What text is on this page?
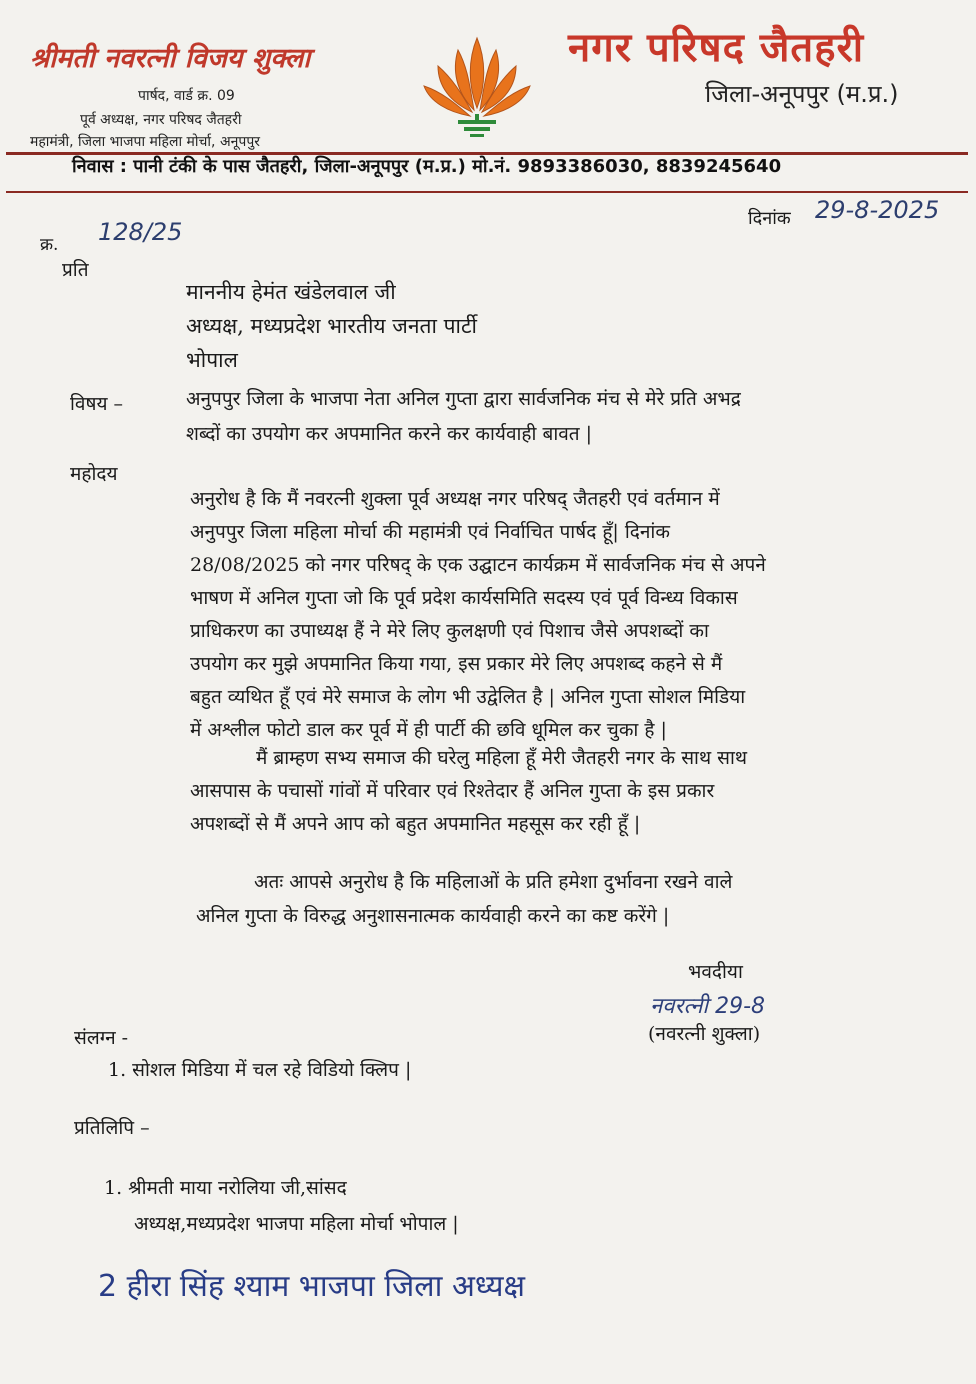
श्रीमती नवरत्नी विजय शुक्ला
पार्षद, वार्ड क्र. 09
पूर्व अध्यक्ष, नगर परिषद जैतहरी
महामंत्री, जिला भाजपा महिला मोर्चा, अनूपपुर
नगर परिषद जैतहरी
जिला-अनूपपुर (म.प्र.)
निवास : पानी टंकी के पास जैतहरी, जिला-अनूपपुर (म.प्र.) मो.नं. 9893386030, 8839245640
क्र. 128/25	दिनांक 29-8-2025
प्रति
माननीय हेमंत खंडेलवाल जी
अध्यक्ष, मध्यप्रदेश भारतीय जनता पार्टी
भोपाल
विषय –	अनुपपुर जिला के भाजपा नेता अनिल गुप्ता द्वारा सार्वजनिक मंच से मेरे प्रति अभद्र
शब्दों का उपयोग कर अपमानित करने कर कार्यवाही बावत |
महोदय
अनुरोध है कि मैं नवरत्नी शुक्ला पूर्व अध्यक्ष नगर परिषद् जैतहरी एवं वर्तमान में
अनुपपुर जिला महिला मोर्चा की महामंत्री एवं निर्वाचित पार्षद हूँ| दिनांक
28/08/2025 को नगर परिषद् के एक उद्घाटन कार्यक्रम में सार्वजनिक मंच से अपने
भाषण में अनिल गुप्ता जो कि पूर्व प्रदेश कार्यसमिति सदस्य एवं पूर्व विन्ध्य विकास
प्राधिकरण का उपाध्यक्ष हैं ने मेरे लिए कुलक्षणी एवं पिशाच जैसे अपशब्दों का
उपयोग कर मुझे अपमानित किया गया, इस प्रकार मेरे लिए अपशब्द कहने से मैं
बहुत व्यथित हूँ एवं मेरे समाज के लोग भी उद्वेलित है | अनिल गुप्ता सोशल मिडिया
में अश्लील फोटो डाल कर पूर्व में ही पार्टी की छवि धूमिल कर चुका है |
मैं ब्राम्हण सभ्य समाज की घरेलु महिला हूँ मेरी जैतहरी नगर के साथ साथ
आसपास के पचासों गांवों में परिवार एवं रिश्तेदार हैं अनिल गुप्ता के इस प्रकार
अपशब्दों से मैं अपने आप को बहुत अपमानित महसूस कर रही हूँ |
अतः आपसे अनुरोध है कि महिलाओं के प्रति हमेशा दुर्भावना रखने वाले
अनिल गुप्ता के विरुद्ध अनुशासनात्मक कार्यवाही करने का कष्ट करेंगे |
भवदीया
नवरत्नी 29-8
(नवरत्नी शुक्ला)
संलग्न -
1. सोशल मिडिया में चल रहे विडियो क्लिप |
प्रतिलिपि –
1. श्रीमती माया नरोलिया जी,सांसद
अध्यक्ष,मध्यप्रदेश भाजपा महिला मोर्चा भोपाल |
2 हीरा सिंह श्याम भाजपा जिला अध्यक्ष
